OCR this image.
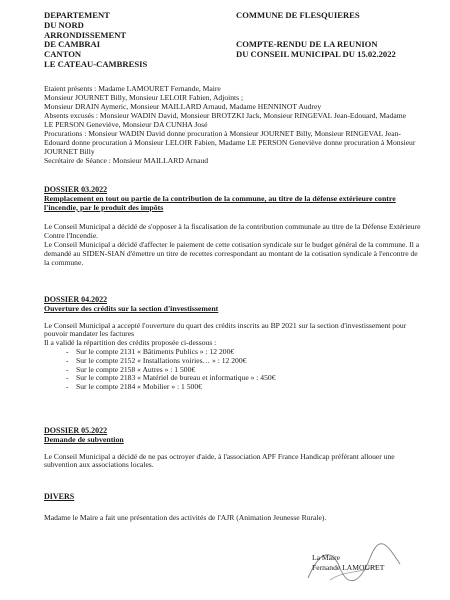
DEPARTEMENT
DU NORD
ARRONDISSEMENT
DE CAMBRAI
CANTON
LE CATEAU-CAMBRESIS
COMMUNE DE FLESQUIERES
COMPTE-RENDU DE LA REUNION
DU CONSEIL MUNICIPAL DU 15.02.2022
Etaient présents : Madame LAMOURET Fernande, Maire
Monsieur JOURNET Billy, Monsieur LELOIR Fabien, Adjoints ;
Monsieur DRAIN Aymeric, Monsieur MAILLARD Arnaud, Madame HENNINOT Audrey
Absents excusés : Monsieur WADIN David, Monsieur BROTZKI Jack, Monsieur RINGEVAL Jean-Edouard, Madame LE PERSON Geneviève, Monsieur DA CUNHA José
Procurations : Monsieur WADIN David donne procuration à Monsieur JOURNET Billy, Monsieur RINGEVAL Jean-Edouard donne procuration à Monsieur LELOIR Fabien, Madame LE PERSON Geneviève donne procuration à Monsieur JOURNET Billy
Secrétaire de Séance : Monsieur MAILLARD Arnaud
DOSSIER 03.2022
Remplacement en tout ou partie de la contribution de la commune, au titre de la défense extérieure contre l'incendie, par le produit des impôts
Le Conseil Municipal a décidé de s'opposer à la fiscalisation de la contribution communale au titre de la Défense Extérieure Contre l'Incendie.
Le Conseil Municipal a décidé d'affecter le paiement de cette cotisation syndicale sur le budget général de la commune. Il a demandé au SIDEN-SIAN d'émettre un titre de recettes correspondant au montant de la cotisation syndicale à l'encontre de la commune.
DOSSIER 04.2022
Ouverture des crédits sur la section d'investissement
Le Conseil Municipal a accepté l'ouverture du quart des crédits inscrits au BP 2021 sur la section d'investissement pour pouvoir mandater les factures
Il a validé la répartition des crédits proposée ci-dessous :
- Sur le compte 2131 « Bâtiments Publics » : 12 200€
- Sur le compte 2152 « Installations voiries… » : 12 200€
- Sur le compte 2158 « Autres » : 1 500€
- Sur le compte 2183 « Matériel de bureau et informatique » : 450€
- Sur le compte 2184 « Mobilier » : 1 500€
DOSSIER 05.2022
Demande de subvention
Le Conseil Municipal a décidé de ne pas octroyer d'aide, à l'association APF France Handicap préférant allouer une subvention aux associations locales.
DIVERS
Madame le Maire a fait une présentation des activités de l'AJR (Animation Jeunesse Rurale).
La Maire
Fernande LAMOURET
